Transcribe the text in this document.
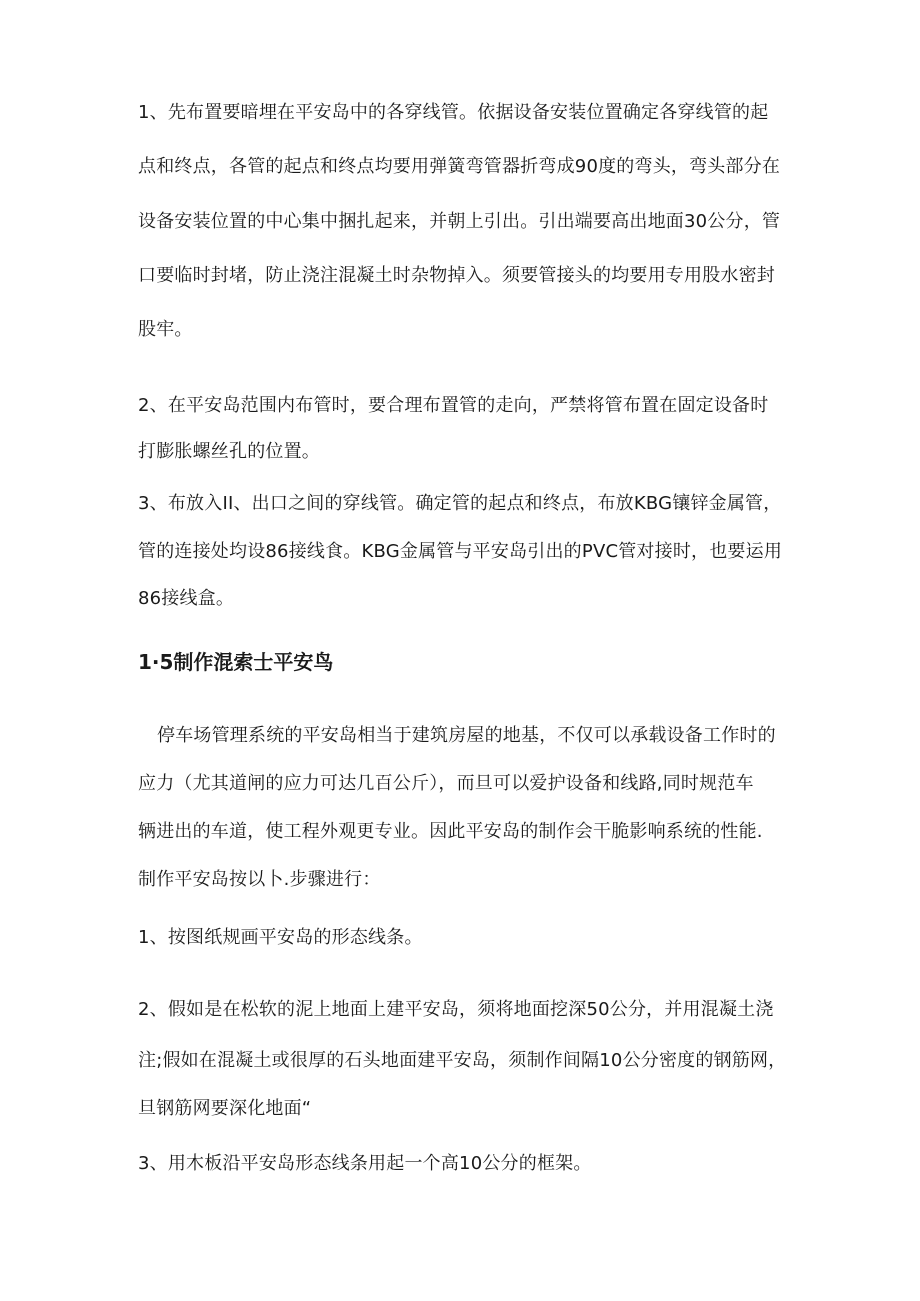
1、先布置要暗埋在平安岛中的各穿线管。依据设备安装位置确定各穿线管的起
点和终点，各管的起点和终点均要用弹簧弯管器折弯成90度的弯头，弯头部分在
设备安装位置的中心集中捆扎起来，并朝上引出。引出端要高出地面30公分，管
口要临时封堵，防止浇注混凝土时杂物掉入。须要管接头的均要用专用股水密封
股牢。
2、在平安岛范围内布管时，要合理布置管的走向，严禁将管布置在固定设备时
打膨胀螺丝孔的位置。
3、布放入II、出口之间的穿线管。确定管的起点和终点，布放KBG镶锌金属管，
管的连接处均设86接线食。KBG金属管与平安岛引出的PVC管对接时，也要运用
86接线盒。
1·5制作混索士平安鸟
停车场管理系统的平安岛相当于建筑房屋的地基，不仅可以承载设备工作时的
应力（尤其道闸的应力可达几百公斤），而旦可以爱护设备和线路,同时规范车
辆进出的车道，使工程外观更专业。因此平安岛的制作会干脆影响系统的性能.
制作平安岛按以卜.步骤进行：
1、按图纸规画平安岛的形态线条。
2、假如是在松软的泥上地面上建平安岛，须将地面挖深50公分，并用混凝土浇
注;假如在混凝土或很厚的石头地面建平安岛，须制作间隔10公分密度的钢筋网，
旦钢筋网要深化地面“
3、用木板沿平安岛形态线条用起一个高10公分的框架。
